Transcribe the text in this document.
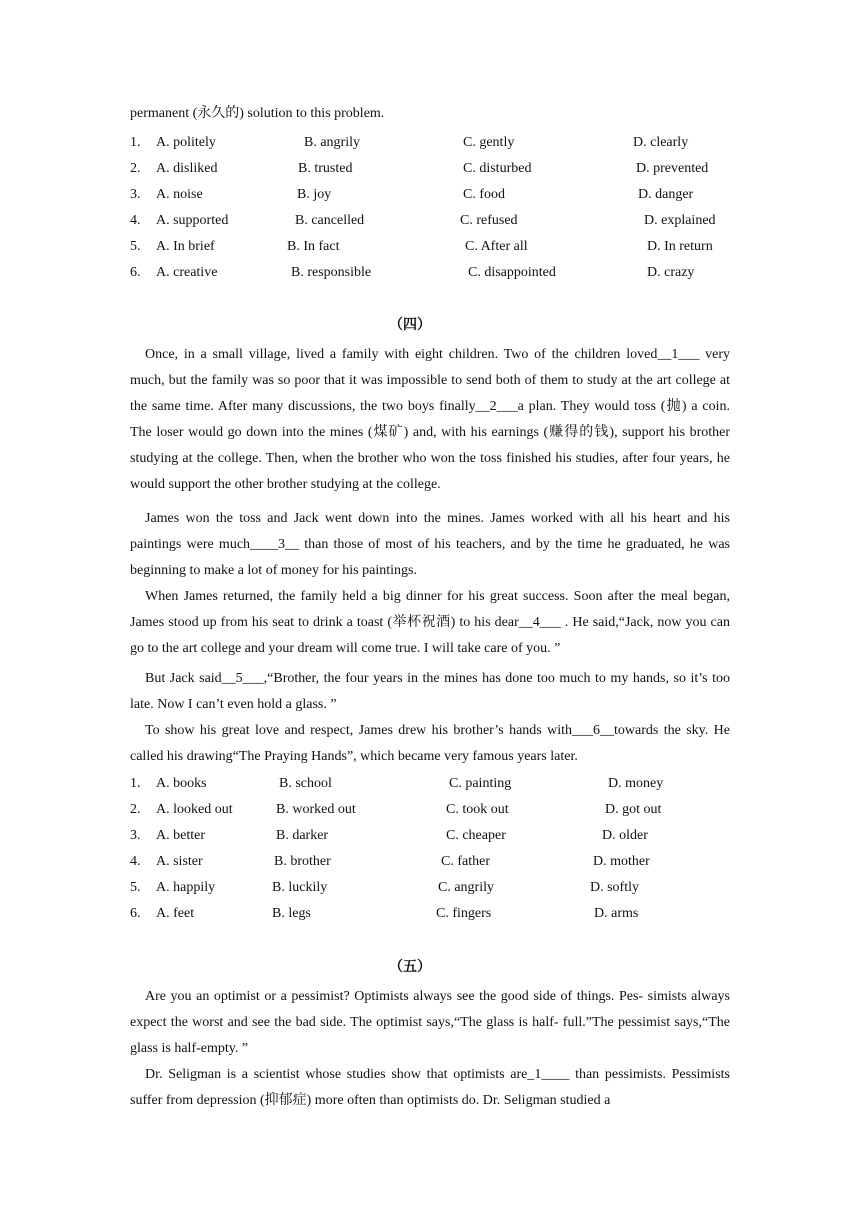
permanent (永久的) solution to this problem.
1. A. politely	B. angrily	C. gently	D. clearly
2. A. disliked	B. trusted	C. disturbed	D. prevented
3. A. noise	B. joy	C. food	D. danger
4. A. supported	B. cancelled	C. refused	D. explained
5. A. In brief	B. In fact	C. After all	D. In return
6. A. creative	B. responsible	C. disappointed	D. crazy
（四）
Once, in a small village, lived a family with eight children. Two of the children loved__1___ very much, but the family was so poor that it was impossible to send both of them to study at the art college at the same time. After many discussions, the two boys finally__2___a plan. They would toss (抛) a coin. The loser would go down into the mines (煤矿) and, with his earnings (赚得的钱), support his brother studying at the college. Then, when the brother who won the toss finished his studies, after four years, he would support the other brother studying at the college.
James won the toss and Jack went down into the mines. James worked with all his heart and his paintings were much____3__ than those of most of his teachers, and by the time he graduated, he was beginning to make a lot of money for his paintings.
When James returned, the family held a big dinner for his great success. Soon after the meal began, James stood up from his seat to drink a toast (举杯祝酒) to his dear__4___ . He said,“Jack, now you can go to the art college and your dream will come true. I will take care of you. ”
But Jack said__5___,“Brother, the four years in the mines has done too much to my hands, so it’s too late. Now I can’t even hold a glass. ”
To show his great love and respect, James drew his brother’s hands with___6__towards the sky. He called his drawing“The Praying Hands”, which became very famous years later.
1. A. books	B. school	C. painting	D. money
2. A. looked out	B. worked out	C. took out	D. got out
3. A. better	B. darker	C. cheaper	D. older
4. A. sister	B. brother	C. father	D. mother
5. A. happily	B. luckily	C. angrily	D. softly
6. A. feet	B. legs	C. fingers	D. arms
（五）
Are you an optimist or a pessimist? Optimists always see the good side of things. Pes- simists always expect the worst and see the bad side. The optimist says,“The glass is half- full.”The pessimist says,“The glass is half-empty. ”
Dr. Seligman is a scientist whose studies show that optimists are_1____ than pessimists. Pessimists suffer from depression (抑郁症) more often than optimists do. Dr. Seligman studied a
